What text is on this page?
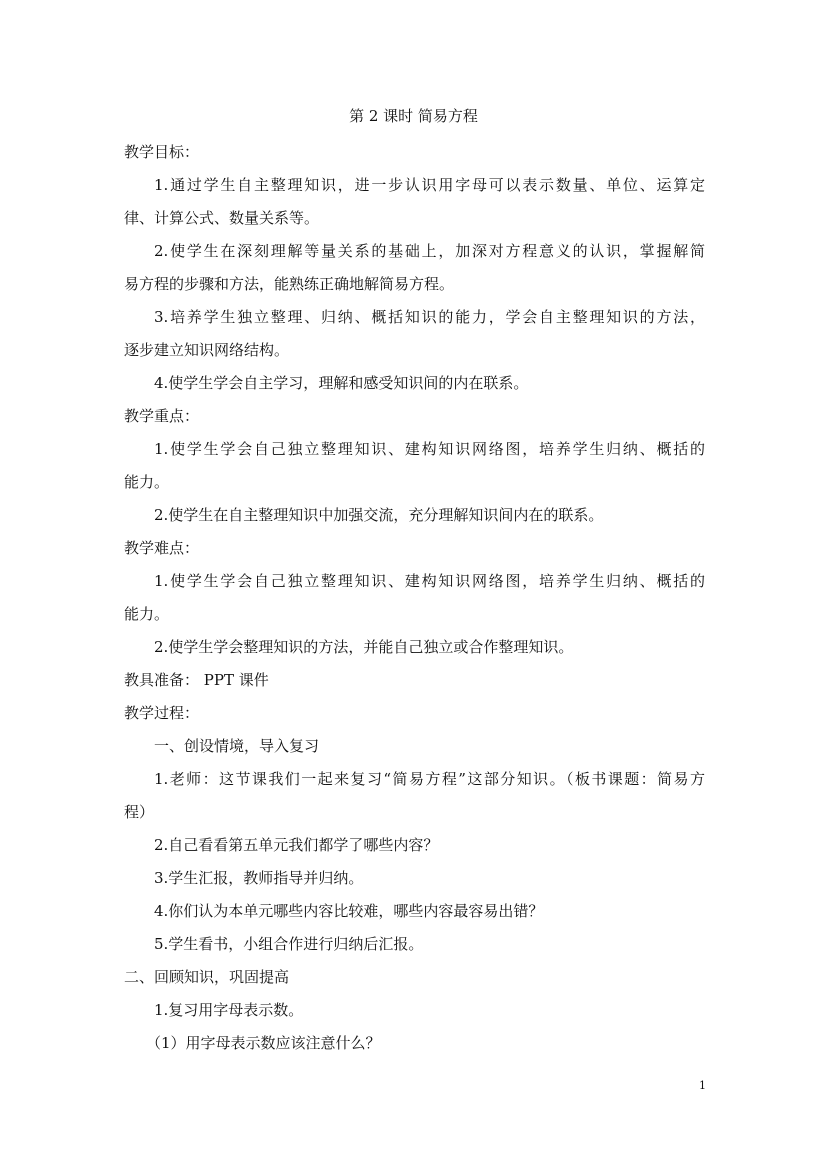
第 2 课时 简易方程
教学目标：
1.通过学生自主整理知识，进一步认识用字母可以表示数量、单位、运算定
律、计算公式、数量关系等。
2.使学生在深刻理解等量关系的基础上，加深对方程意义的认识，掌握解简
易方程的步骤和方法，能熟练正确地解简易方程。
3.培养学生独立整理、归纳、概括知识的能力，学会自主整理知识的方法，
逐步建立知识网络结构。
4.使学生学会自主学习，理解和感受知识间的内在联系。
教学重点：
1.使学生学会自己独立整理知识、建构知识网络图，培养学生归纳、概括的
能力。
2.使学生在自主整理知识中加强交流，充分理解知识间内在的联系。
教学难点：
1.使学生学会自己独立整理知识、建构知识网络图，培养学生归纳、概括的
能力。
2.使学生学会整理知识的方法，并能自己独立或合作整理知识。
教具准备： PPT 课件
教学过程：
一、创设情境，导入复习
1.老师：这节课我们一起来复习“简易方程”这部分知识。（板书课题：简易方
程）
2.自己看看第五单元我们都学了哪些内容？
3.学生汇报，教师指导并归纳。
4.你们认为本单元哪些内容比较难，哪些内容最容易出错？
5.学生看书，小组合作进行归纳后汇报。
二、回顾知识，巩固提高
1.复习用字母表示数。
（1）用字母表示数应该注意什么？
1
